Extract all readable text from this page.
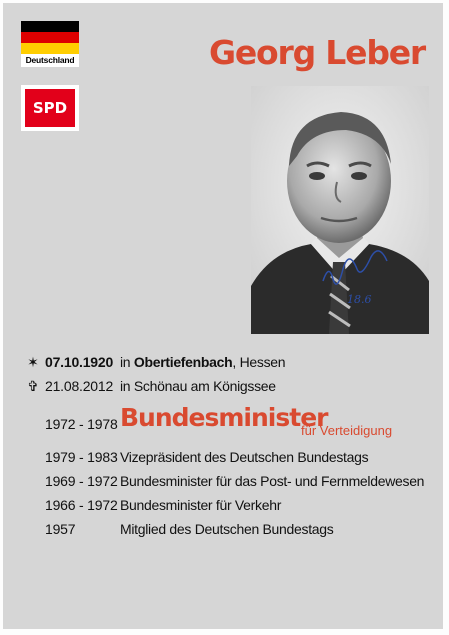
Deutschland
SPD
Georg Leber
18.6
✶ 07.10.1920 in Obertiefenbach, Hessen
✞ 21.08.2012 in Schönau am Königssee
1972 - 1978 Bundesminister
für Verteidigung
1979 - 1983 Vizepräsident des Deutschen Bundestags
1969 - 1972 Bundesminister für das Post- und Fernmeldewesen
1966 - 1972 Bundesminister für Verkehr
1957	Mitglied des Deutschen Bundestags
